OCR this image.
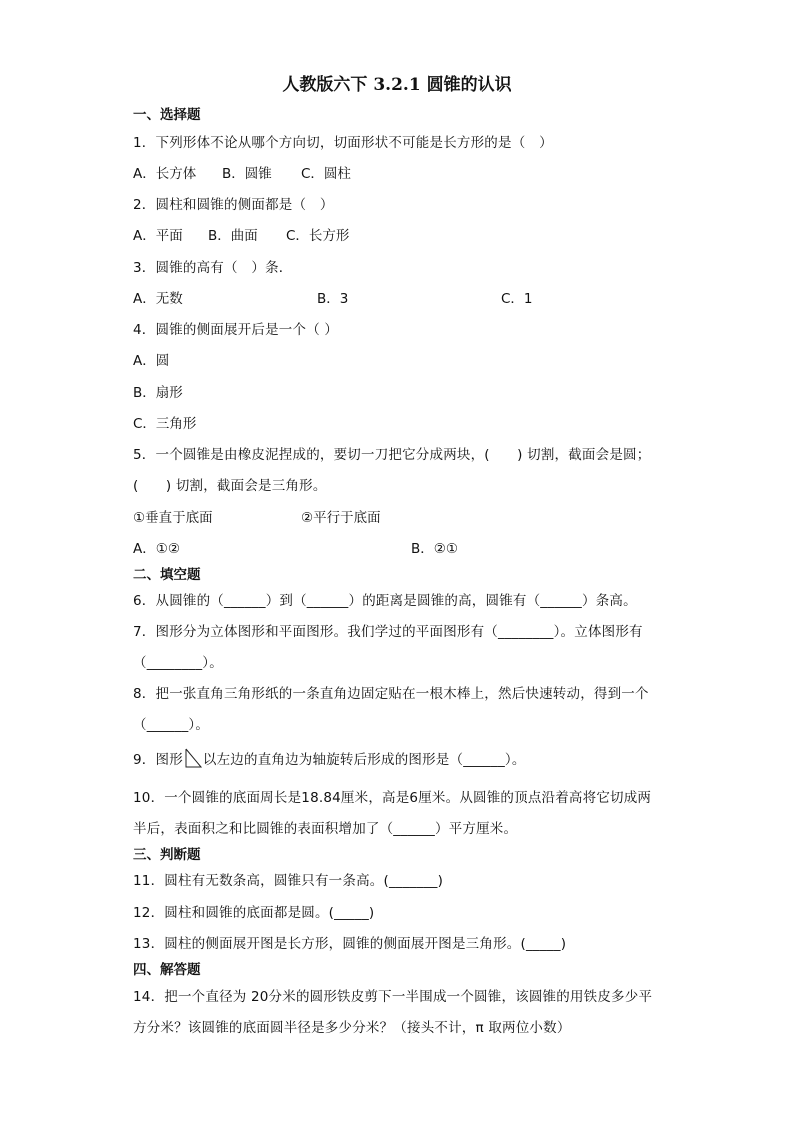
人教版六下 3.2.1 圆锥的认识
一、选择题
1．下列形体不论从哪个方向切，切面形状不可能是长方形的是（　）
A．长方体 B．圆锥 C．圆柱
2．圆柱和圆锥的侧面都是（　）
A．平面 B．曲面 C．长方形
3．圆锥的高有（　）条．
A．无数	B．3	C．1
4．圆锥的侧面展开后是一个（ ）
A．圆
B．扇形
C．三角形
5．一个圆锥是由橡皮泥捏成的，要切一刀把它分成两块，(　　) 切割，截面会是圆；
(　　) 切割，截面会是三角形。
①垂直于底面	②平行于底面
A．①②	B．②①
二、填空题
6．从圆锥的（______）到（______）的距离是圆锥的高，圆锥有（______）条高。
7．图形分为立体图形和平面图形。我们学过的平面图形有（________）。立体图形有
（________）。
8．把一张直角三角形纸的一条直角边固定贴在一根木棒上，然后快速转动，得到一个
（______）。
9．图形 以左边的直角边为轴旋转后形成的图形是（______）。
10．一个圆锥的底面周长是18.84厘米，高是6厘米。从圆锥的顶点沿着高将它切成两
半后，表面积之和比圆锥的表面积增加了（______）平方厘米。
三、判断题
11．圆柱有无数条高，圆锥只有一条高。(_______)
12．圆柱和圆锥的底面都是圆。(_____)
13．圆柱的侧面展开图是长方形，圆锥的侧面展开图是三角形。(_____)
四、解答题
14．把一个直径为 20分米的圆形铁皮剪下一半围成一个圆锥，该圆锥的用铁皮多少平
方分米？该圆锥的底面圆半径是多少分米？（接头不计，π 取两位小数）
